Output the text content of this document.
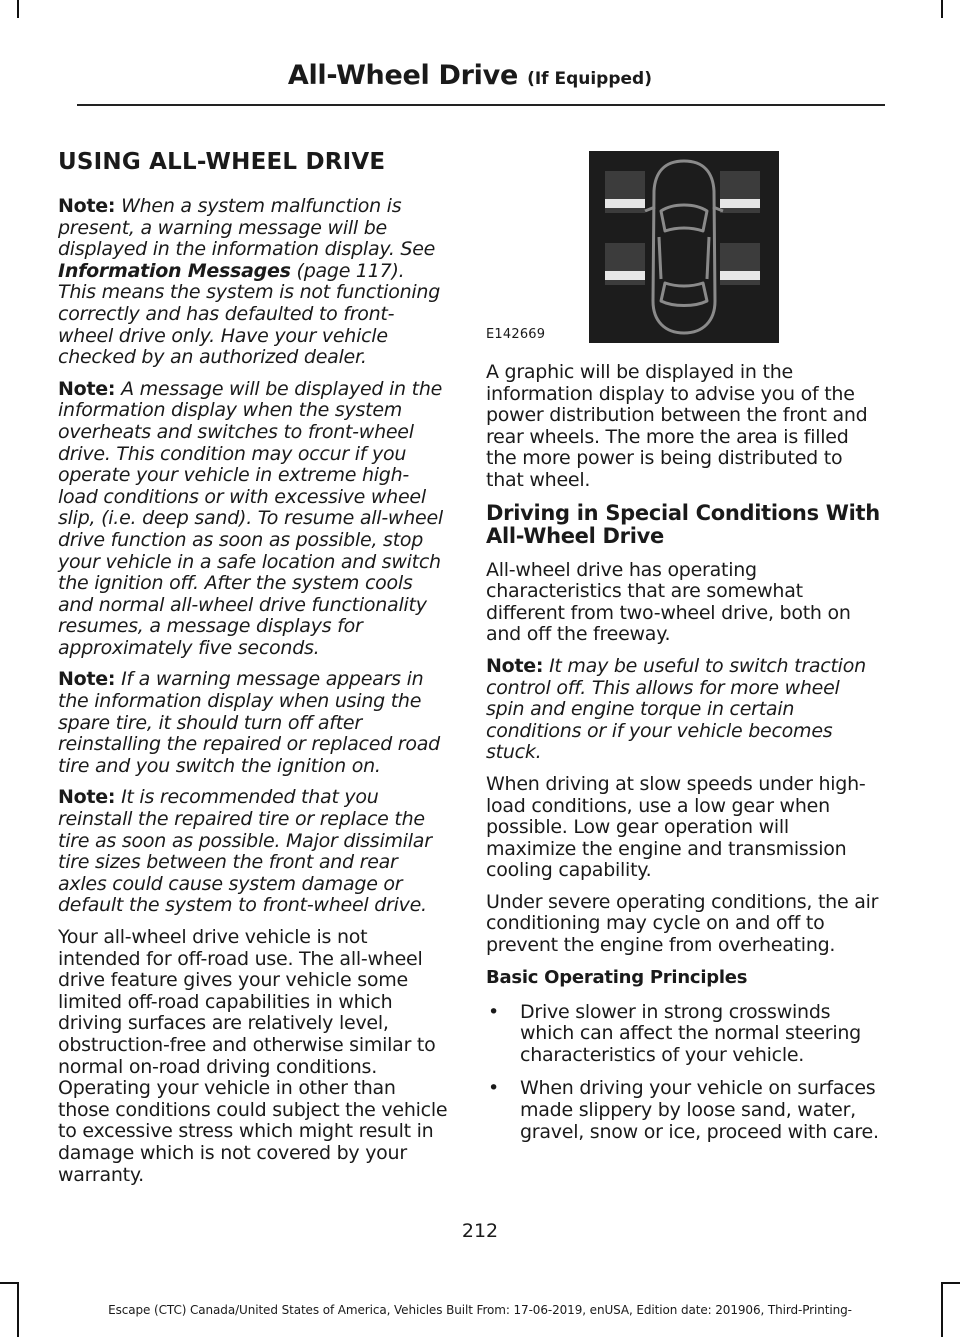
All-Wheel Drive (If Equipped)
USING ALL-WHEEL DRIVE

Note: When a system malfunction is present, a warning message will be displayed in the information display. See Information Messages (page 117). This means the system is not functioning correctly and has defaulted to front-wheel drive only. Have your vehicle checked by an authorized dealer.

Note: A message will be displayed in the information display when the system overheats and switches to front-wheel drive. This condition may occur if you operate your vehicle in extreme high-load conditions or with excessive wheel slip, (i.e. deep sand). To resume all-wheel drive function as soon as possible, stop your vehicle in a safe location and switch the ignition off. After the system cools and normal all-wheel drive functionality resumes, a message displays for approximately five seconds.

Note: If a warning message appears in the information display when using the spare tire, it should turn off after reinstalling the repaired or replaced road tire and you switch the ignition on.

Note: It is recommended that you reinstall the repaired tire or replace the tire as soon as possible. Major dissimilar tire sizes between the front and rear axles could cause system damage or default the system to front-wheel drive.

Your all-wheel drive vehicle is not intended for off-road use. The all-wheel drive feature gives your vehicle some limited off-road capabilities in which driving surfaces are relatively level, obstruction-free and otherwise similar to normal on-road driving conditions. Operating your vehicle in other than those conditions could subject the vehicle to excessive stress which might result in damage which is not covered by your warranty.

E142669

A graphic will be displayed in the information display to advise you of the power distribution between the front and rear wheels. The more the area is filled the more power is being distributed to that wheel.

Driving in Special Conditions With All-Wheel Drive

All-wheel drive has operating characteristics that are somewhat different from two-wheel drive, both on and off the freeway.

Note: It may be useful to switch traction control off. This allows for more wheel spin and engine torque in certain conditions or if your vehicle becomes stuck.

When driving at slow speeds under high-load conditions, use a low gear when possible. Low gear operation will maximize the engine and transmission cooling capability.

Under severe operating conditions, the air conditioning may cycle on and off to prevent the engine from overheating.

Basic Operating Principles
• Drive slower in strong crosswinds which can affect the normal steering characteristics of your vehicle.
• When driving your vehicle on surfaces made slippery by loose sand, water, gravel, snow or ice, proceed with care.
212
Escape (CTC) Canada/United States of America, Vehicles Built From: 17-06-2019, enUSA, Edition date: 201906, Third-Printing-
